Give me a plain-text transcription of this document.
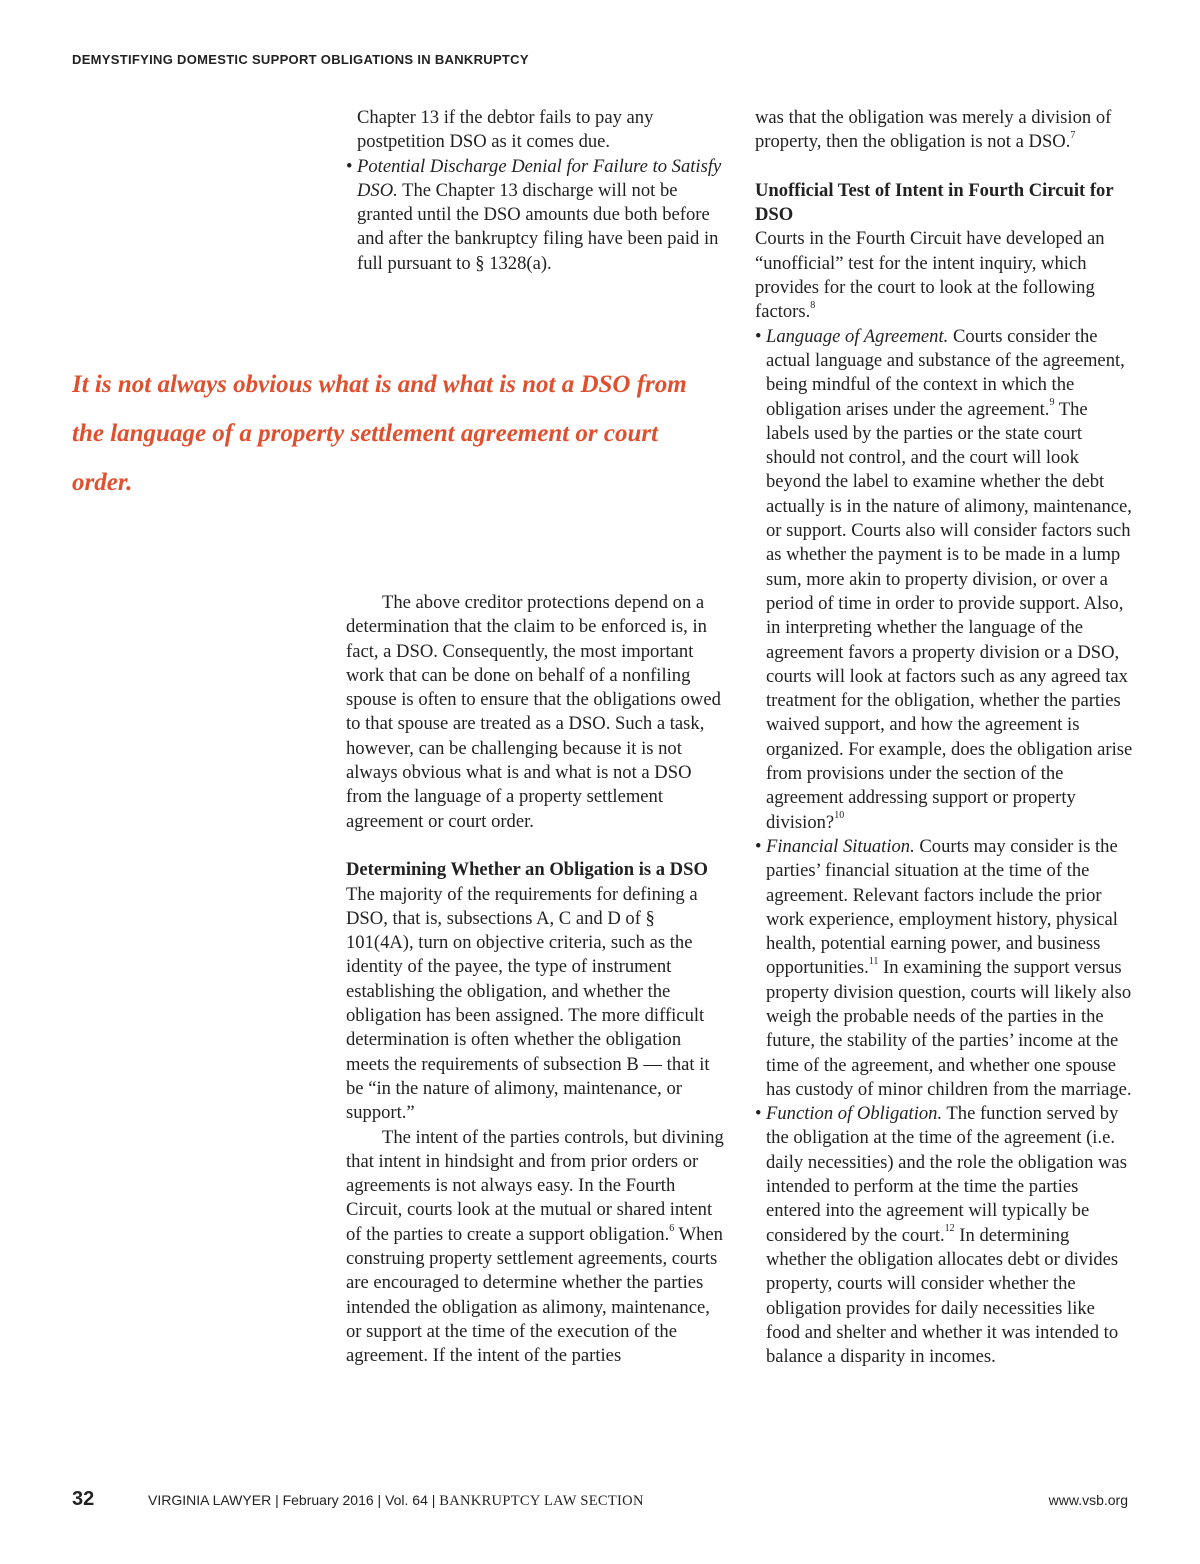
DEMYSTIFYING DOMESTIC SUPPORT OBLIGATIONS IN BANKRUPTCY
It is not always obvious what is and what is not a DSO from the language of a property settlement agreement or court order.

Chapter 13 if the debtor fails to pay any

postpetition DSO as it comes due.

• Potential Discharge Denial for Failure to Satisfy DSO. The Chapter 13 discharge will not be granted until the DSO amounts due both before and after the bankruptcy filing have been paid in full pursuant to § 1328(a).

The above creditor protections depend on a determination that the claim to be enforced is, in fact, a DSO. Consequently, the most important work that can be done on behalf of a nonfiling spouse is often to ensure that the obligations owed to that spouse are treated as a DSO. Such a task, however, can be challenging because it is not always obvious what is and what is not a DSO from the language of a property settlement agreement or court order.

Determining Whether an Obligation is a DSO

The majority of the requirements for defining a DSO, that is, subsections A, C and D of § 101(4A), turn on objective criteria, such as the identity of the payee, the type of instrument establishing the obligation, and whether the obligation has been assigned. The more difficult determination is often whether the obligation meets the requirements of subsection B — that it be “in the nature of alimony, maintenance, or support.”

The intent of the parties controls, but divining that intent in hindsight and from prior orders or agreements is not always easy. In the Fourth Circuit, courts look at the mutual or shared intent of the parties to create a support obligation.$^6$ When construing property settlement agreements, courts are encouraged to determine whether the parties intended the obligation as alimony, maintenance, or support at the time of the execution of the agreement. If the intent of the parties

was that the obligation was merely a division of property, then the obligation is not a DSO.$^7$

Unofficial Test of Intent in Fourth Circuit for DSO

Courts in the Fourth Circuit have developed an “unofficial” test for the intent inquiry, which provides for the court to look at the following factors.$^8$

• Language of Agreement. Courts consider the actual language and substance of the agreement, being mindful of the context in which the obligation arises under the agreement.$^9$ The labels used by the parties or the state court should not control, and the court will look beyond the label to examine whether the debt actually is in the nature of alimony, maintenance, or support. Courts also will consider factors such as whether the payment is to be made in a lump sum, more akin to property division, or over a period of time in order to provide support. Also, in interpreting whether the language of the agreement favors a property division or a DSO, courts will look at factors such as any agreed tax treatment for the obligation, whether the parties waived support, and how the agreement is organized. For example, does the obligation arise from provisions under the section of the agreement addressing support or property division?$^{10}$

• Financial Situation. Courts may consider is the parties’ financial situation at the time of the agreement. Relevant factors include the prior work experience, employment history, physical health, potential earning power, and business opportunities.$^{11}$ In examining the support versus property division question, courts will likely also weigh the probable needs of the parties in the future, the stability of the parties’ income at the time of the agreement, and whether one spouse has custody of minor children from the marriage.

• Function of Obligation. The function served by the obligation at the time of the agreement (i.e. daily necessities) and the role the obligation was intended to perform at the time the parties entered into the agreement will typically be considered by the court.$^{12}$ In determining whether the obligation allocates debt or divides property, courts will consider whether the obligation provides for daily necessities like food and shelter and whether it was intended to balance a disparity in incomes.

32	VIRGINIA LAWYER | February 2016 | Vol. 64 | BANKRUPTCY LAW SECTION	www.vsb.org
